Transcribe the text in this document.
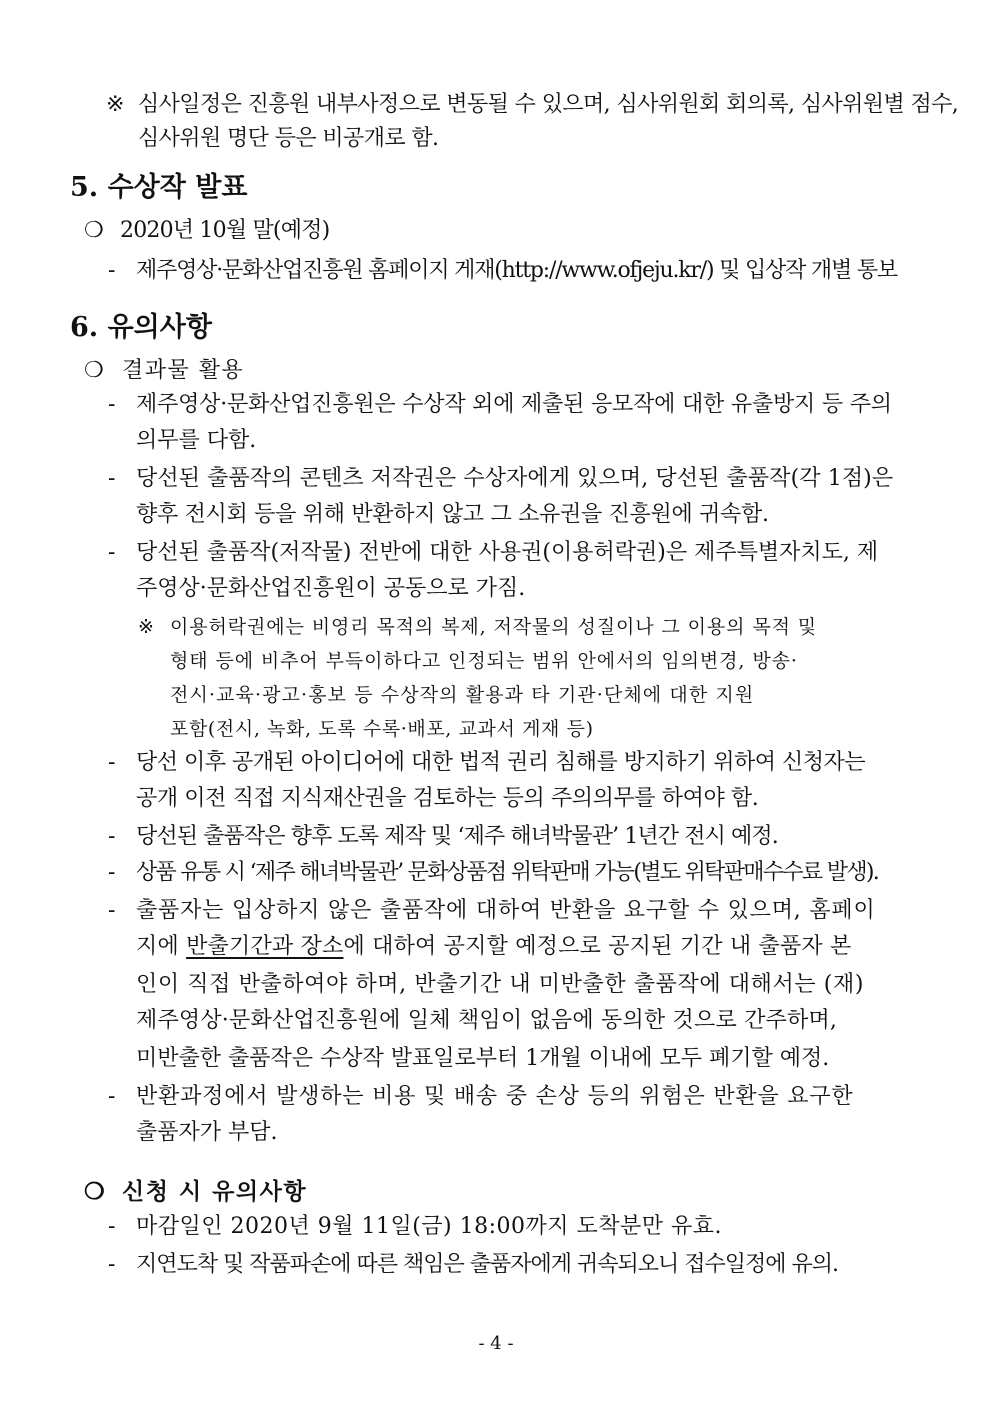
※ 심사일정은 진흥원 내부사정으로 변동될 수 있으며, 심사위원회 회의록, 심사위원별 점수,
심사위원 명단 등은 비공개로 함.
5. 수상작 발표
❍ 2020년 10월 말(예정)
- 제주영상·문화산업진흥원 홈페이지 게재(http://www.ofjeju.kr/) 및 입상작 개별 통보
6. 유의사항
❍ 결과물 활용
- 제주영상·문화산업진흥원은 수상작 외에 제출된 응모작에 대한 유출방지 등 주의
의무를 다함.
- 당선된 출품작의 콘텐츠 저작권은 수상자에게 있으며, 당선된 출품작(각 1점)은
향후 전시회 등을 위해 반환하지 않고 그 소유권을 진흥원에 귀속함.
- 당선된 출품작(저작물) 전반에 대한 사용권(이용허락권)은 제주특별자치도, 제
주영상·문화산업진흥원이 공동으로 가짐.
※ 이용허락권에는 비영리 목적의 복제, 저작물의 성질이나 그 이용의 목적 및
형태 등에 비추어 부득이하다고 인정되는 범위 안에서의 임의변경, 방송·
전시·교육·광고·홍보 등 수상작의 활용과 타 기관·단체에 대한 지원
포함(전시, 녹화, 도록 수록·배포, 교과서 게재 등)
- 당선 이후 공개된 아이디어에 대한 법적 권리 침해를 방지하기 위하여 신청자는
공개 이전 직접 지식재산권을 검토하는 등의 주의의무를 하여야 함.
- 당선된 출품작은 향후 도록 제작 및 ‘제주 해녀박물관’ 1년간 전시 예정.
- 상품 유통 시 ‘제주 해녀박물관’ 문화상품점 위탁판매 가능(별도 위탁판매수수료 발생).
- 출품자는 입상하지 않은 출품작에 대하여 반환을 요구할 수 있으며, 홈페이
지에 반출기간과 장소에 대하여 공지할 예정으로 공지된 기간 내 출품자 본
인이 직접 반출하여야 하며, 반출기간 내 미반출한 출품작에 대해서는 (재)
제주영상·문화산업진흥원에 일체 책임이 없음에 동의한 것으로 간주하며,
미반출한 출품작은 수상작 발표일로부터 1개월 이내에 모두 폐기할 예정.
- 반환과정에서 발생하는 비용 및 배송 중 손상 등의 위험은 반환을 요구한
출품자가 부담.
❍ 신청 시 유의사항
- 마감일인 2020년 9월 11일(금) 18:00까지 도착분만 유효.
- 지연도착 및 작품파손에 따른 책임은 출품자에게 귀속되오니 접수일정에 유의.
- 4 -
